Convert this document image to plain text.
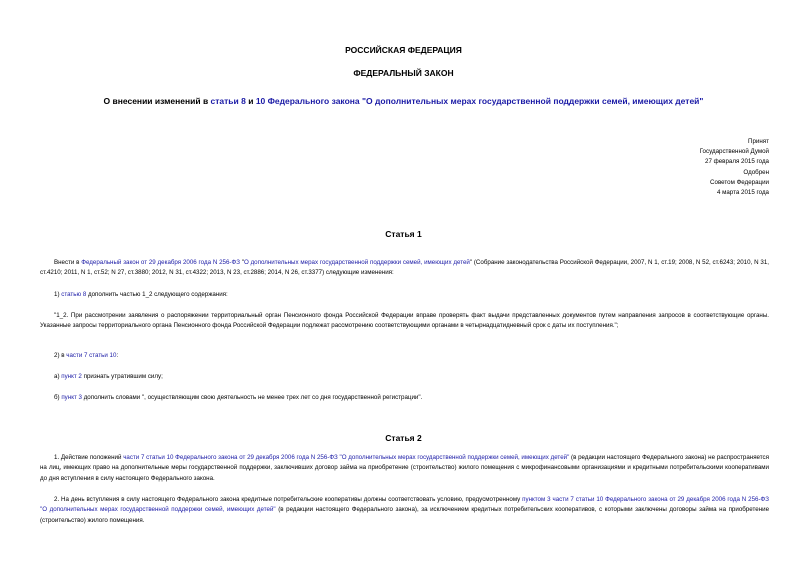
РОССИЙСКАЯ ФЕДЕРАЦИЯ
ФЕДЕРАЛЬНЫЙ ЗАКОН
О внесении изменений в статьи 8 и 10 Федерального закона "О дополнительных мерах государственной поддержки семей, имеющих детей"
Принят
Государственной Думой
27 февраля 2015 года
Одобрен
Советом Федерации
4 марта 2015 года
Статья 1
Внести в Федеральный закон от 29 декабря 2006 года N 256-ФЗ "О дополнительных мерах государственной поддержки семей, имеющих детей" (Собрание законодательства Российской Федерации, 2007, N 1, ст.19; 2008, N 52, ст.6243; 2010, N 31, ст.4210; 2011, N 1, ст.52; N 27, ст.3880; 2012, N 31, ст.4322; 2013, N 23, ст.2886; 2014, N 26, ст.3377) следующие изменения:
1) статью 8 дополнить частью 1_2 следующего содержания:
"1_2. При рассмотрении заявления о распоряжении территориальный орган Пенсионного фонда Российской Федерации вправе проверять факт выдачи представленных документов путем направления запросов в соответствующие органы. Указанные запросы территориального органа Пенсионного фонда Российской Федерации подлежат рассмотрению соответствующими органами в четырнадцатидневный срок с даты их поступления.";
2) в части 7 статьи 10:
а) пункт 2 признать утратившим силу;
б) пункт 3 дополнить словами ", осуществляющим свою деятельность не менее трех лет со дня государственной регистрации".
Статья 2
1. Действие положений части 7 статьи 10 Федерального закона от 29 декабря 2006 года N 256-ФЗ "О дополнительных мерах государственной поддержки семей, имеющих детей" (в редакции настоящего Федерального закона) не распространяется на лиц, имеющих право на дополнительные меры государственной поддержки, заключивших договор займа на приобретение (строительство) жилого помещения с микрофинансовыми организациями и кредитными потребительскими кооперативами до дня вступления в силу настоящего Федерального закона.
2. На день вступления в силу настоящего Федерального закона кредитные потребительские кооперативы должны соответствовать условию, предусмотренному пунктом 3 части 7 статьи 10 Федерального закона от 29 декабря 2006 года N 256-ФЗ "О дополнительных мерах государственной поддержки семей, имеющих детей" (в редакции настоящего Федерального закона), за исключением кредитных потребительских кооперативов, с которыми заключены договоры займа на приобретение (строительство) жилого помещения.
